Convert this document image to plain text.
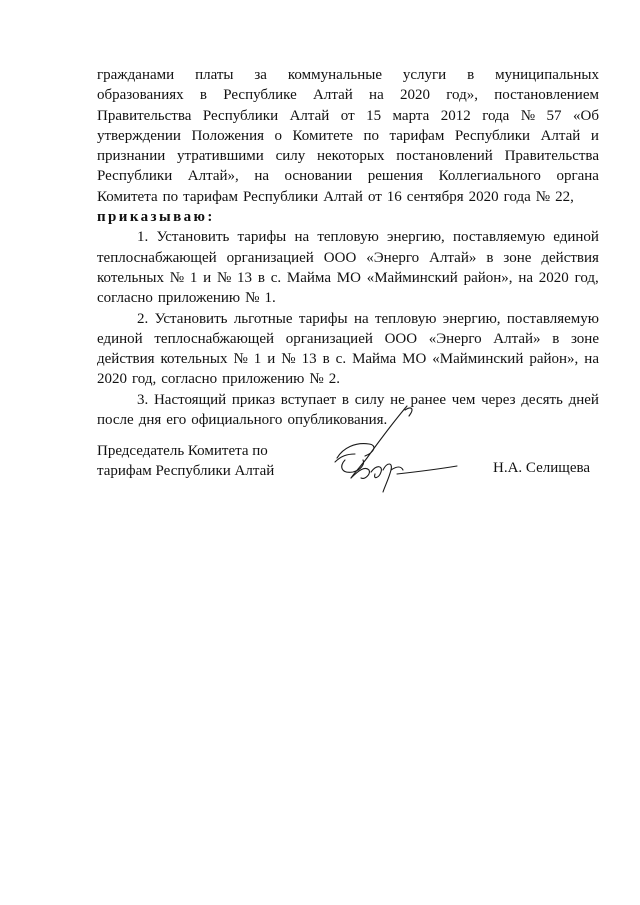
гражданами платы за коммунальные услуги в муниципальных
образованиях в Республике Алтай на 2020 год», постановлением
Правительства Республики Алтай от 15 марта 2012 года № 57 «Об
утверждении Положения о Комитете по тарифам Республики Алтай и
признании утратившими силу некоторых постановлений Правительства
Республики Алтай», на основании решения Коллегиального органа
Комитета по тарифам Республики Алтай от 16 сентября 2020 года № 22,
приказываю:
1. Установить тарифы на тепловую энергию, поставляемую единой
теплоснабжающей организацией ООО «Энерго Алтай» в зоне действия
котельных № 1 и № 13 в с. Майма МО «Майминский район», на 2020 год,
согласно приложению № 1.
2. Установить льготные тарифы на тепловую энергию, поставляемую
единой теплоснабжающей организацией ООО «Энерго Алтай» в зоне
действия котельных № 1 и № 13 в с. Майма МО «Майминский район», на
2020 год, согласно приложению № 2.
3. Настоящий приказ вступает в силу не ранее чем через десять дней
после дня его официального опубликования.
Председатель Комитета по
тарифам Республики Алтай	Н.А. Селищева
